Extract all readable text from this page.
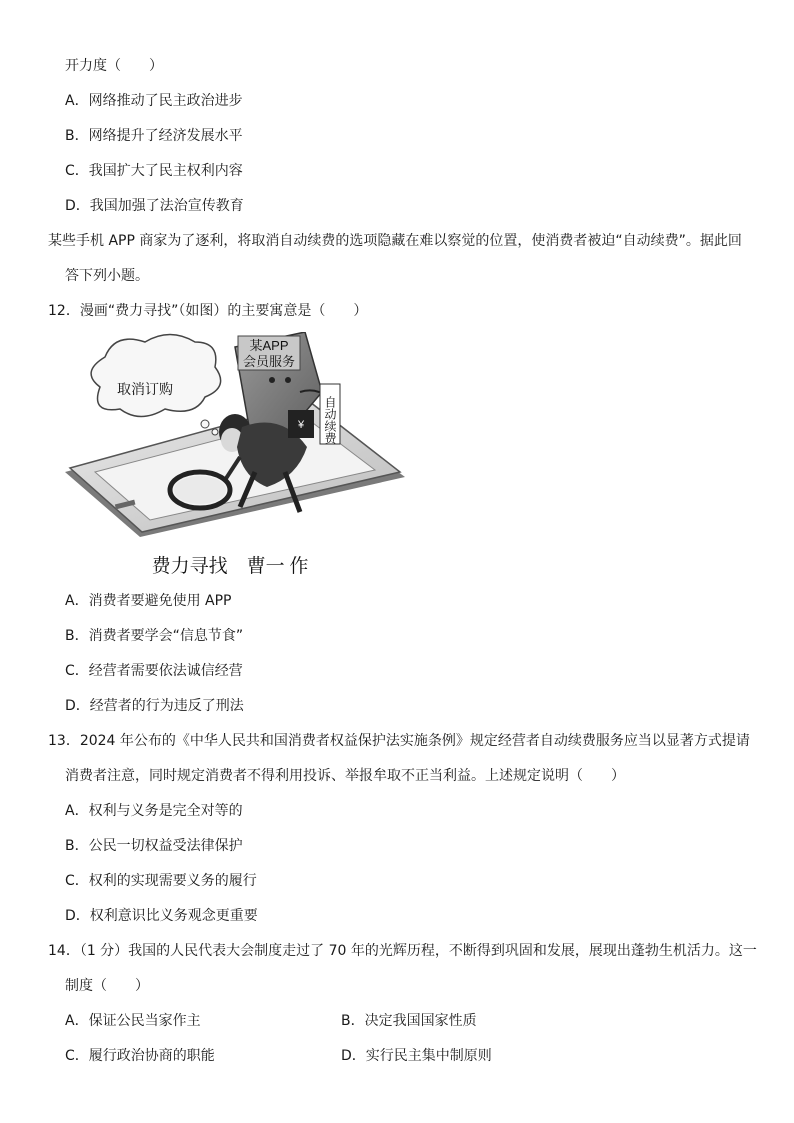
开力度（　　）
A．网络推动了民主政治进步
B．网络提升了经济发展水平
C．我国扩大了民主权利内容
D．我国加强了法治宣传教育
某些手机 APP 商家为了逐利，将取消自动续费的选项隐藏在难以察觉的位置，使消费者被迫“自动续费”。据此回
答下列小题。
12．漫画“费力寻找”（如图）的主要寓意是（　　）
某APP
会员服务
自动续费
取消订购
¥
费力寻找　曹一 作
A．消费者要避免使用 APP
B．消费者要学会“信息节食”
C．经营者需要依法诚信经营
D．经营者的行为违反了刑法
13．2024 年公布的《中华人民共和国消费者权益保护法实施条例》规定经营者自动续费服务应当以显著方式提请
消费者注意，同时规定消费者不得利用投诉、举报牟取不正当利益。上述规定说明（　　）
A．权利与义务是完全对等的
B．公民一切权益受法律保护
C．权利的实现需要义务的履行
D．权利意识比义务观念更重要
14．（1 分）我国的人民代表大会制度走过了 70 年的光辉历程，不断得到巩固和发展，展现出蓬勃生机活力。这一
制度（　　）
A．保证公民当家作主	B．决定我国国家性质
C．履行政治协商的职能	D．实行民主集中制原则
